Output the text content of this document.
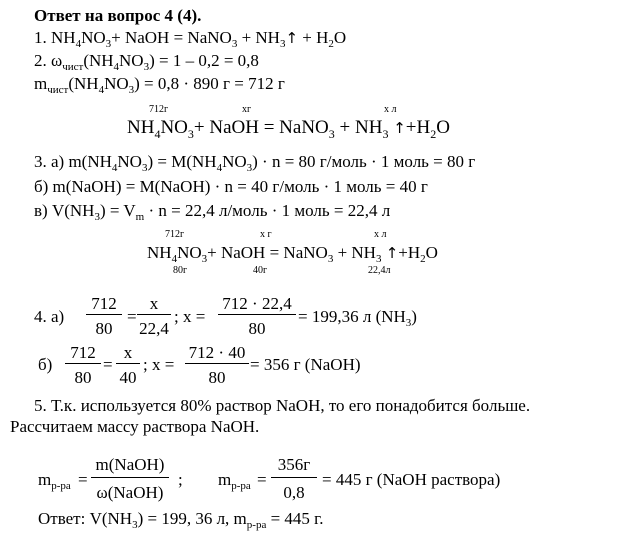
Ответ на вопрос 4 (4).
1. $NH_4NO_3+$ NaOH = NaNO$_3$ + $NH_3↑ + H_2O$
2. $\omega_{чист}(NH_4NO_3) = 1 - 0,2 = 0,8$
$m_{чист}(NH_4NO_3) = 0,8 \cdot 890$ г = 712 г
712г	хг	х л
$NH_4NO_3+$ NaOH = NaNO$_3$ + $NH_3$ $↑+H_2O$
3. а) $m(NH_4NO_3) = M(NH_4NO_3) \cdot n = 80$ г/моль · 1 моль = 80 г
б) m(NaOH) = M(NaOH) · n = 40 г/моль · 1 моль = 40 г
в) $V(NH_3) = V_m \cdot n = 22,4$ л/моль · 1 моль = 22,4 л
712г	х г	х л
$NH_4NO_3+$ NaOH = NaNO$_3$ + $NH_3$ $↑+H_2O$
80г	40г	22,4л
4. а)
712
80
=
х
22,4
; х =
712 · 22,4
80
= 199,36 л $(NH_3)$
б)
712
80
=
х
40
; х =
712 · 40
80
= 356 г (NaOH)
5. Т.к. используется 80% раствор NaOH, то его понадобится больше.
Рассчитаем массу раствора NaOH.
$m_{р-ра}$ =
m(NaOH)
ω(NaOH)
; $m_{р-ра}$ =
356г
0,8
= 445 г (NaOH раствора)
Ответ: $V(NH_3) = 199$, 36 л, $m_{р-ра} = 445$ г.
